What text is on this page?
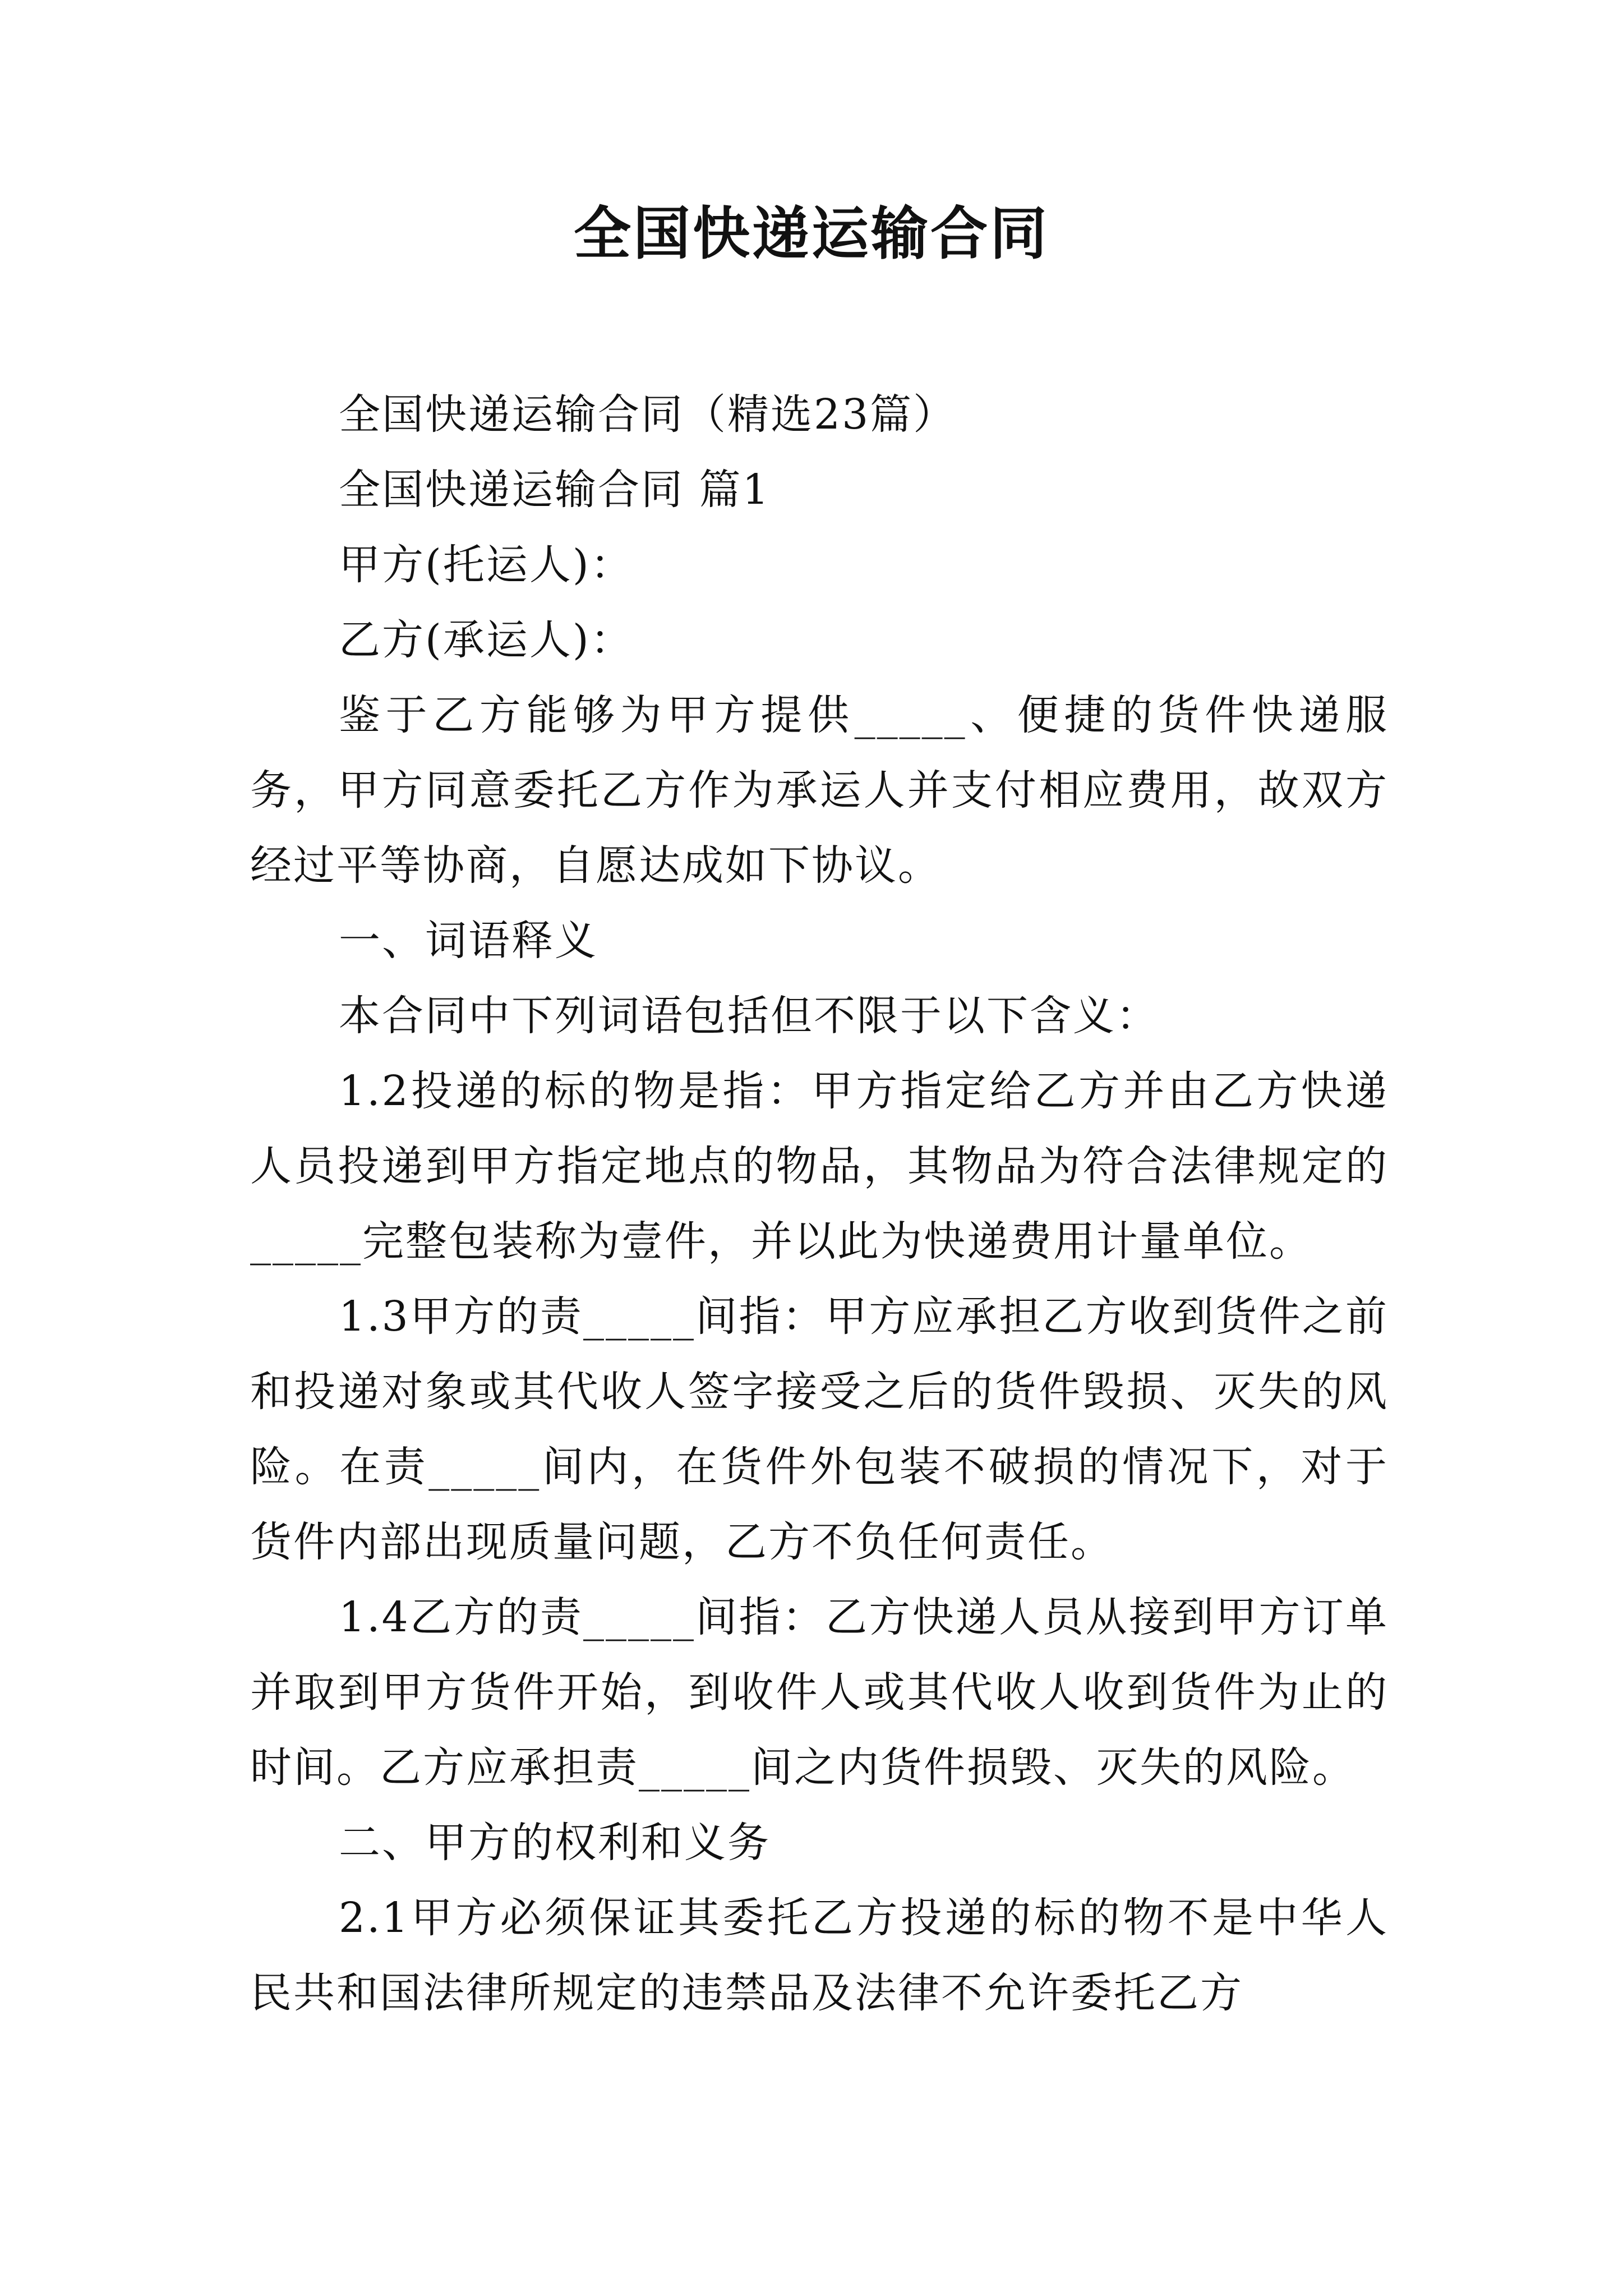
全国快递运输合同

全国快递运输合同（精选23篇）

全国快递运输合同 篇1

甲方(托运人)：

乙方(承运人)：

鉴于乙方能够为甲方提供_____、便捷的货件快递服务，甲方同意委托乙方作为承运人并支付相应费用，故双方经过平等协商，自愿达成如下协议。

一、词语释义

本合同中下列词语包括但不限于以下含义：

1.2投递的标的物是指：甲方指定给乙方并由乙方快递人员投递到甲方指定地点的物品，其物品为符合法律规定的_____完整包装称为壹件，并以此为快递费用计量单位。

1.3甲方的责_____间指：甲方应承担乙方收到货件之前和投递对象或其代收人签字接受之后的货件毁损、灭失的风险。在责_____间内，在货件外包装不破损的情况下，对于货件内部出现质量问题，乙方不负任何责任。

1.4乙方的责_____间指：乙方快递人员从接到甲方订单并取到甲方货件开始，到收件人或其代收人收到货件为止的时间。乙方应承担责_____间之内货件损毁、灭失的风险。

二、甲方的权利和义务

2.1甲方必须保证其委托乙方投递的标的物不是中华人民共和国法律所规定的违禁品及法律不允许委托乙方
